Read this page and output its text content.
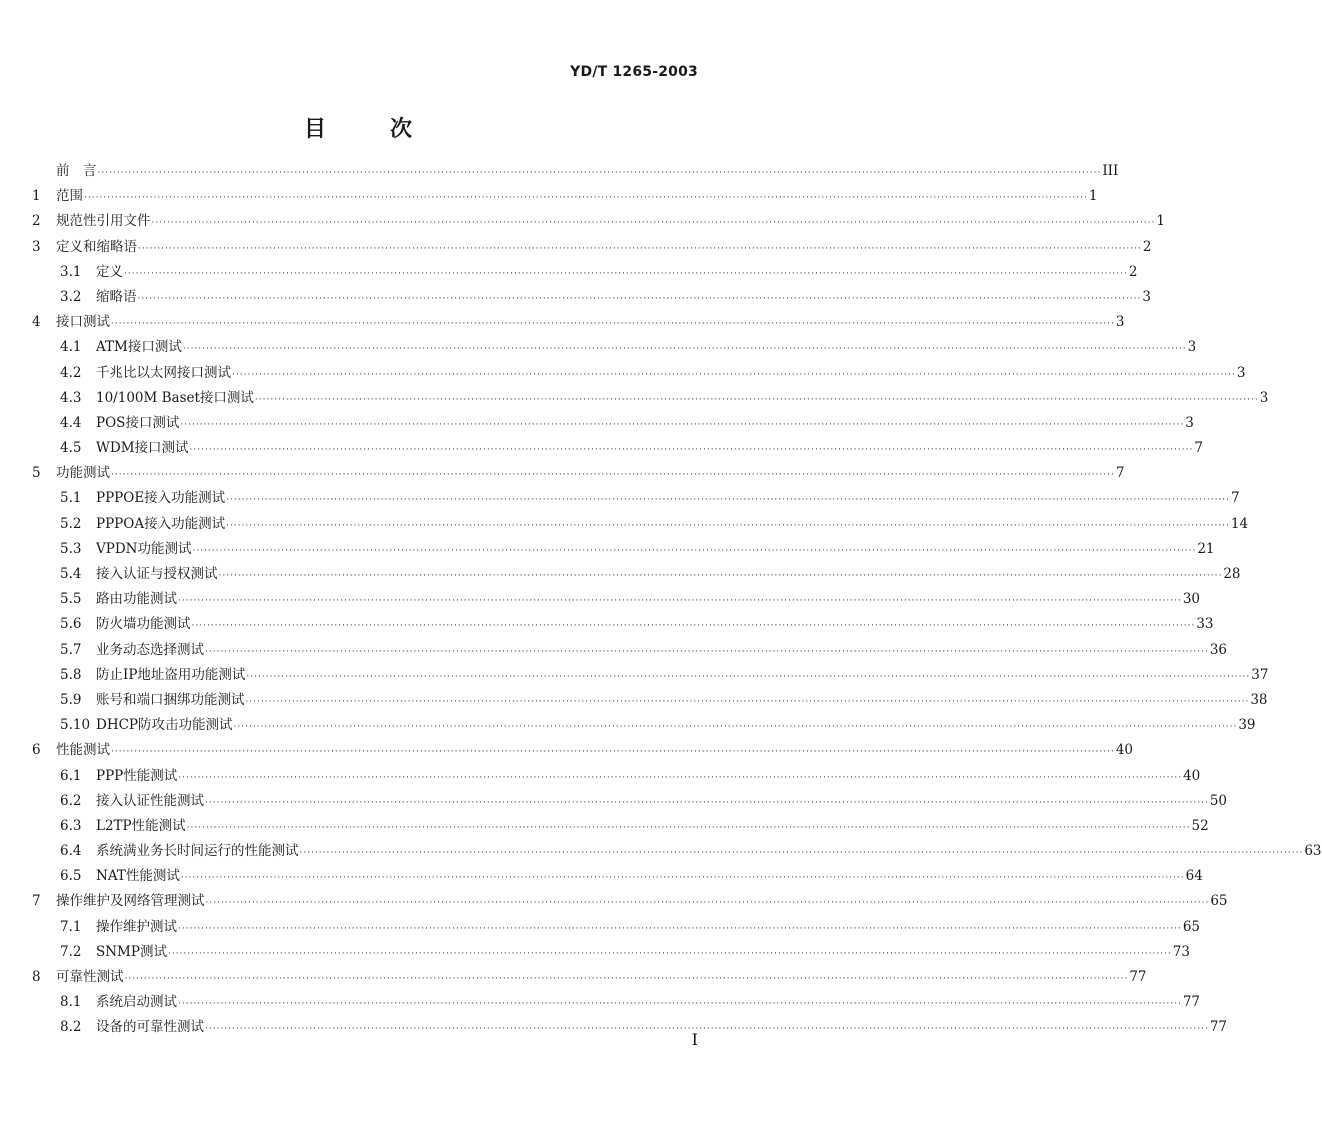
YD/T 1265-2003
目	次
前　言 ···································································································································································································································································· III
1	范围 ···································································································································································································································································· 1
2	规范性引用文件 ···································································································································································································································································· 1
3	定义和缩略语 ···································································································································································································································································· 2
3.1	定义 ···································································································································································································································································· 2
3.2	缩略语 ···································································································································································································································································· 3
4	接口测试 ···································································································································································································································································· 3
4.1	ATM接口测试 ···································································································································································································································································· 3
4.2	千兆比以太网接口测试 ···································································································································································································································································· 3
4.3	10/100M Baset接口测试 ···································································································································································································································································· 3
4.4	POS接口测试 ···································································································································································································································································· 3
4.5	WDM接口测试 ···································································································································································································································································· 7
5	功能测试 ···································································································································································································································································· 7
5.1	PPPOE接入功能测试 ···································································································································································································································································· 7
5.2	PPPOA接入功能测试 ···································································································································································································································································· 14
5.3	VPDN功能测试 ···································································································································································································································································· 21
5.4	接入认证与授权测试 ···································································································································································································································································· 28
5.5	路由功能测试 ···································································································································································································································································· 30
5.6	防火墙功能测试 ···································································································································································································································································· 33
5.7	业务动态选择测试 ···································································································································································································································································· 36
5.8	防止IP地址盗用功能测试 ···································································································································································································································································· 37
5.9	账号和端口捆绑功能测试 ···································································································································································································································································· 38
5.10 DHCP防攻击功能测试 ···································································································································································································································································· 39
6	性能测试 ···································································································································································································································································· 40
6.1	PPP性能测试 ···································································································································································································································································· 40
6.2	接入认证性能测试 ···································································································································································································································································· 50
6.3	L2TP性能测试 ···································································································································································································································································· 52
6.4	系统满业务长时间运行的性能测试 ···································································································································································································································································· 63
6.5	NAT性能测试 ···································································································································································································································································· 64
7	操作维护及网络管理测试 ···································································································································································································································································· 65
7.1	操作维护测试 ···································································································································································································································································· 65
7.2	SNMP测试 ···································································································································································································································································· 73
8	可靠性测试 ···································································································································································································································································· 77
8.1	系统启动测试 ···································································································································································································································································· 77
8.2	设备的可靠性测试 ···································································································································································································································································· 77
I
